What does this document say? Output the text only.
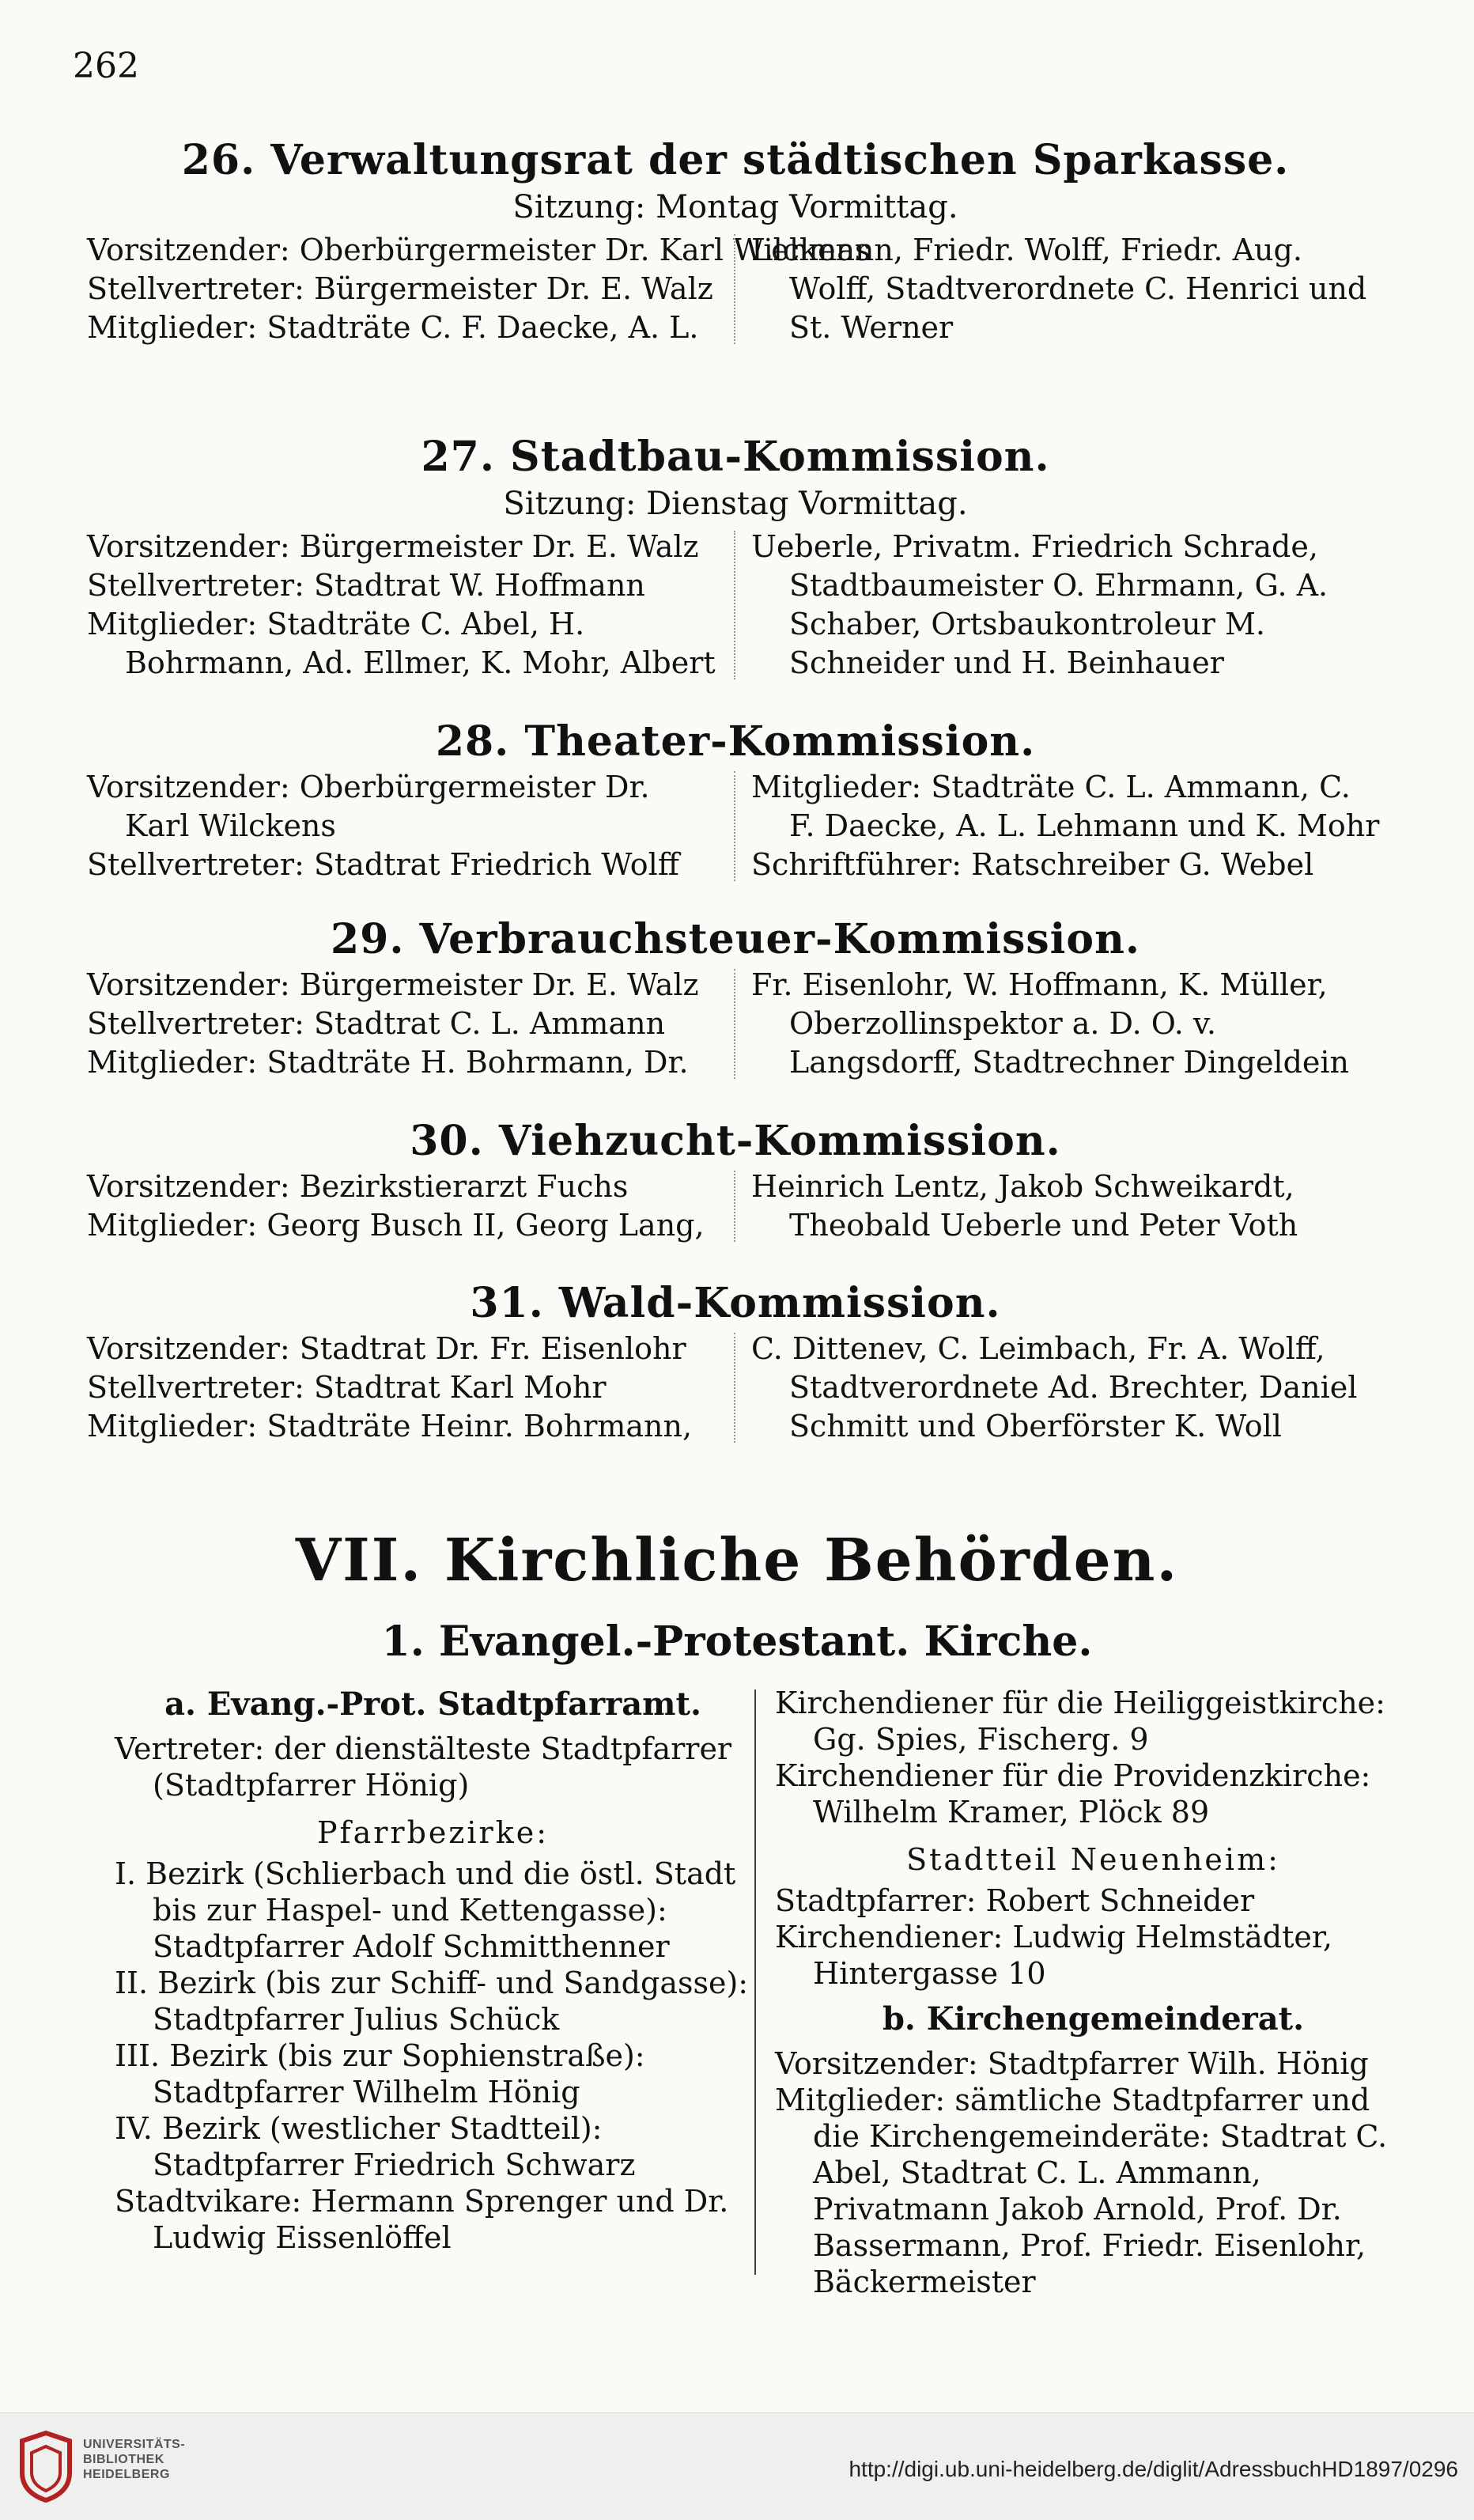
262
26. Verwaltungsrat der städtischen Sparkasse.
Sitzung: Montag Vormittag.

Vorsitzender: Oberbürgermeister Dr. Karl Wilckens

Stellvertreter: Bürgermeister Dr. E. Walz

Mitglieder: Stadträte C. F. Daecke, A. L.

Lehmann, Friedr. Wolff, Friedr. Aug. Wolff, Stadtverordnete C. Henrici und St. Werner

27. Stadtbau-Kommission.
Sitzung: Dienstag Vormittag.

Vorsitzender: Bürgermeister Dr. E. Walz

Stellvertreter: Stadtrat W. Hoffmann

Mitglieder: Stadträte C. Abel, H. Bohrmann, Ad. Ellmer, K. Mohr, Albert

Ueberle, Privatm. Friedrich Schrade, Stadtbaumeister O. Ehrmann, G. A. Schaber, Ortsbaukontroleur M. Schneider und H. Beinhauer

28. Theater-Kommission.

Vorsitzender: Oberbürgermeister Dr. Karl Wilckens

Stellvertreter: Stadtrat Friedrich Wolff

Mitglieder: Stadträte C. L. Ammann, C. F. Daecke, A. L. Lehmann und K. Mohr

Schriftführer: Ratschreiber G. Webel

29. Verbrauchsteuer-Kommission.

Vorsitzender: Bürgermeister Dr. E. Walz

Stellvertreter: Stadtrat C. L. Ammann

Mitglieder: Stadträte H. Bohrmann, Dr.

Fr. Eisenlohr, W. Hoffmann, K. Müller, Oberzollinspektor a. D. O. v. Langsdorff, Stadtrechner Dingeldein

30. Viehzucht-Kommission.

Vorsitzender: Bezirkstierarzt Fuchs

Mitglieder: Georg Busch II, Georg Lang,

Heinrich Lentz, Jakob Schweikardt, Theobald Ueberle und Peter Voth

31. Wald-Kommission.

Vorsitzender: Stadtrat Dr. Fr. Eisenlohr

Stellvertreter: Stadtrat Karl Mohr

Mitglieder: Stadträte Heinr. Bohrmann,

C. Dittenev, C. Leimbach, Fr. A. Wolff, Stadtverordnete Ad. Brechter, Daniel Schmitt und Oberförster K. Woll

VII. Kirchliche Behörden.
1. Evangel.-Protestant. Kirche.
a. Evang.-Prot. Stadtpfarramt.

Vertreter: der dienstälteste Stadtpfarrer (Stadtpfarrer Hönig)

Pfarrbezirke:

I. Bezirk (Schlierbach und die östl. Stadt bis zur Haspel- und Kettengasse): Stadtpfarrer Adolf Schmitthenner

II. Bezirk (bis zur Schiff- und Sandgasse): Stadtpfarrer Julius Schück

III. Bezirk (bis zur Sophienstraße): Stadtpfarrer Wilhelm Hönig

IV. Bezirk (westlicher Stadtteil): Stadtpfarrer Friedrich Schwarz

Stadtvikare: Hermann Sprenger und Dr. Ludwig Eissenlöffel

Kirchendiener für die Heiliggeistkirche: Gg. Spies, Fischerg. 9

Kirchendiener für die Providenzkirche: Wilhelm Kramer, Plöck 89

Stadtteil Neuenheim:

Stadtpfarrer: Robert Schneider

Kirchendiener: Ludwig Helmstädter, Hintergasse 10

b. Kirchengemeinderat.

Vorsitzender: Stadtpfarrer Wilh. Hönig

Mitglieder: sämtliche Stadtpfarrer und die Kirchengemeinderäte: Stadtrat C. Abel, Stadtrat C. L. Ammann, Privatmann Jakob Arnold, Prof. Dr. Bassermann, Prof. Friedr. Eisenlohr, Bäckermeister

UNIVERSITÄTS-
BIBLIOTHEK
HEIDELBERG	http://digi.ub.uni-heidelberg.de/diglit/AdressbuchHD1897/0296
